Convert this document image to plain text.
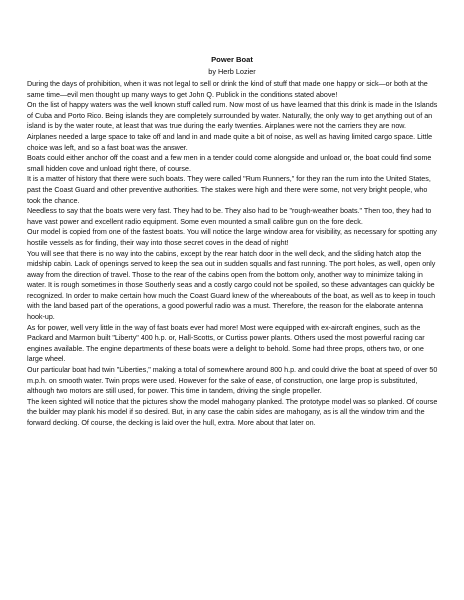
Power Boat
by Herb Lozier

During the days of prohibition, when it was not legal to sell or drink the kind of stuff that made one happy or sick—or both at the same time—evil men thought up many ways to get John Q. Publick in the conditions stated above!

On the list of happy waters was the well known stuff called rum. Now most of us have learned that this drink is made in the Islands of Cuba and Porto Rico. Being islands they are completely surrounded by water. Naturally, the only way to get anything out of an island is by the water route, at least that was true during the early twenties. Airplanes were not the carriers they are now.

Airplanes needed a large space to take off and land in and made quite a bit of noise, as well as having limited cargo space. Little choice was left, and so a fast boat was the answer.

Boats could either anchor off the coast and a few men in a tender could come alongside and unload or, the boat could find some small hidden cove and unload right there, of course.

It is a matter of history that there were such boats. They were called "Rum Runners," for they ran the rum into the United States, past the Coast Guard and other preventive authorities. The stakes were high and there were some, not very bright people, who took the chance.

Needless to say that the boats were very fast. They had to be. They also had to be "rough-weather boats." Then too, they had to have vast power and excellent radio equipment. Some even mounted a small calibre gun on the fore deck.

Our model is copied from one of the fastest boats. You will notice the large window area for visibility, as necessary for spotting any hostile vessels as for finding, their way into those secret coves in the dead of night!

You will see that there is no way into the cabins, except by the rear hatch door in the well deck, and the sliding hatch atop the midship cabin. Lack of openings served to keep the sea out in sudden squalls and fast running. The port holes, as well, open only away from the direction of travel. Those to the rear of the cabins open from the bottom only, another way to minimize taking in water. It is rough sometimes in those Southerly seas and a costly cargo could not be spoiled, so these advantages can quickly be recognized. In order to make certain how much the Coast Guard knew of the whereabouts of the boat, as well as to keep in touch with the land based part of the operations, a good powerful radio was a must. Therefore, the reason for the elaborate antenna hook-up.

As for power, well very little in the way of fast boats ever had more! Most were equipped with ex-aircraft engines, such as the Packard and Marmon built "Liberty" 400 h.p. or, Hall-Scotts, or Curtiss power plants. Others used the most powerful racing car engines available. The engine departments of these boats were a delight to behold. Some had three props, others two, or one large wheel.

Our particular boat had twin "Liberties," making a total of somewhere around 800 h.p. and could drive the boat at speed of over 50 m.p.h. on smooth water. Twin props were used. However for the sake of ease, of construction, one large prop is substituted, although two motors are still used, for power. This time in tandem, driving the single propeller.

The keen sighted will notice that the pictures show the model mahogany planked. The prototype model was so planked. Of course the builder may plank his model if so desired. But, in any case the cabin sides are mahogany, as is all the window trim and the forward decking. Of course, the decking is laid over the hull, extra. More about that later on.
